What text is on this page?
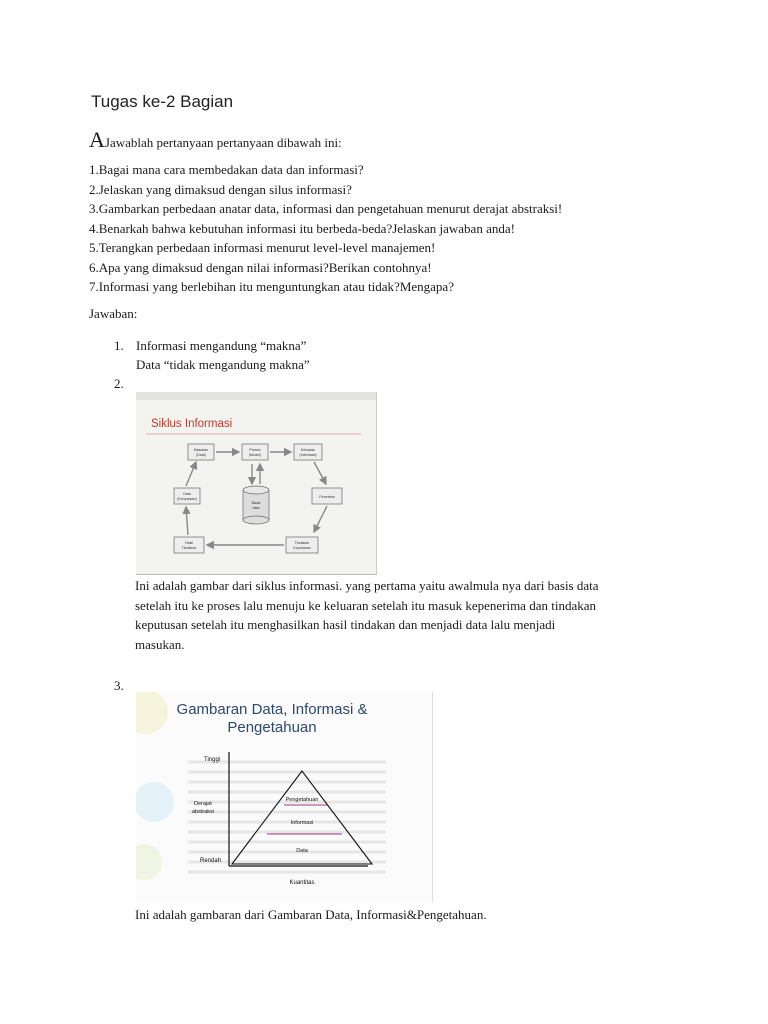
Tugas ke-2 Bagian
AJawablah pertanyaan pertanyaan dibawah ini:
1.Bagai mana cara membedakan data dan informasi?
2.Jelaskan yang dimaksud dengan silus informasi?
3.Gambarkan perbedaan anatar data, informasi dan pengetahuan menurut derajat abstraksi!
4.Benarkah bahwa kebutuhan informasi itu berbeda-beda?Jelaskan jawaban anda!
5.Terangkan perbedaan informasi menurut level-level manajemen!
6.Apa yang dimaksud dengan nilai informasi?Berikan contohnya!
7.Informasi yang berlebihan itu menguntungkan atau tidak?Mengapa?
Jawaban:
1. Informasi mengandung “makna”
Data “tidak mengandung makna”
2.
Siklus Informasi
Masukan
(Data)
Proses
(Model)
Keluaran
(Informasi)
Data
(Kenyataan)	Penerima
Hasil
Tindakan
Tindakan
Keputusan
Basis
data
Ini adalah gambar dari siklus informasi. yang pertama yaitu awalmula nya dari basis data
setelah itu ke proses lalu menuju ke keluaran setelah itu masuk kepenerima dan tindakan
keputusan setelah itu menghasilkan hasil tindakan dan menjadi data lalu menjadi
masukan.
3.
Gambaran Data, Informasi &
Pengetahuan
Tinggi
Derajat
abstraksi
Rendah
Kuantitas
Pengetahuan
Informasi
Data
Ini adalah gambaran dari Gambaran Data, Informasi&Pengetahuan.
